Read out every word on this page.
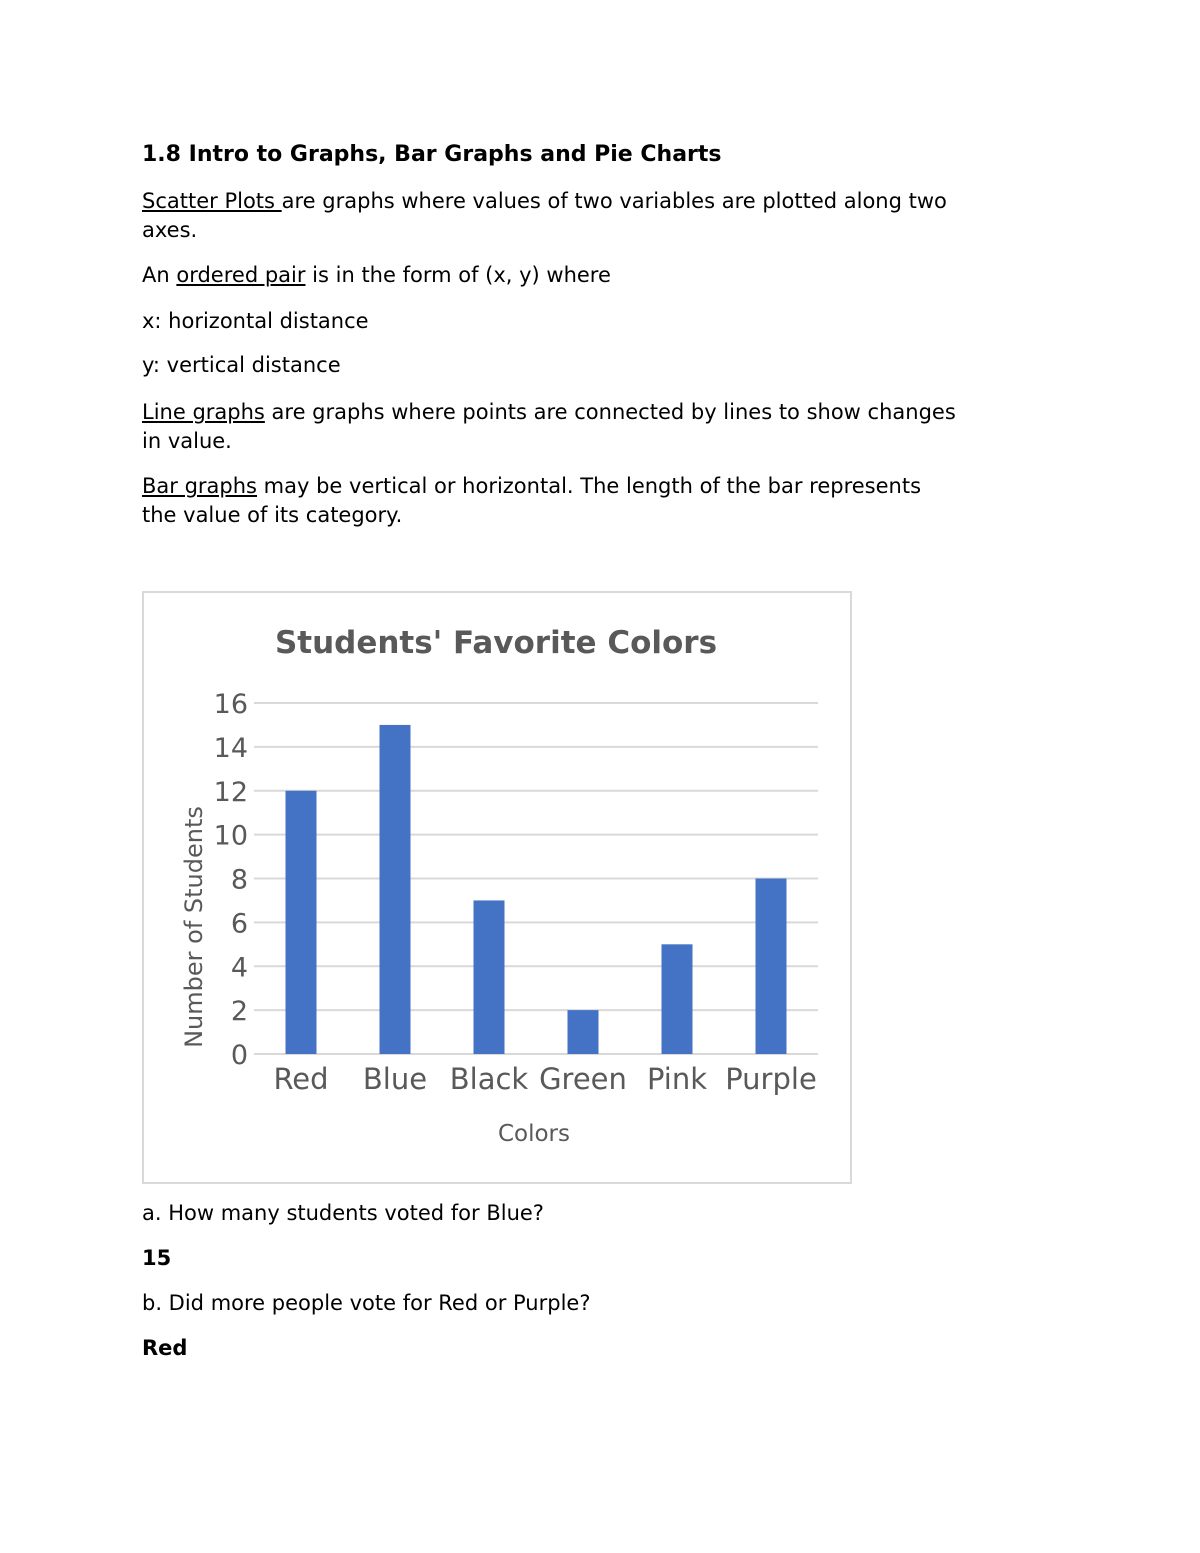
1.8 Intro to Graphs, Bar Graphs and Pie Charts

Scatter Plots are graphs where values of two variables are plotted along two
axes.

An ordered pair is in the form of (x, y) where

x: horizontal distance

y: vertical distance

Line graphs are graphs where points are connected by lines to show changes
in value.

Bar graphs may be vertical or horizontal. The length of the bar represents
the value of its category.

Students' Favorite Colors
0
2
4
6
8
10
12
14
16
Red Blue Black Green Pink Purple
Colors
Number of Students

a. How many students voted for Blue?

15

b. Did more people vote for Red or Purple?

Red
